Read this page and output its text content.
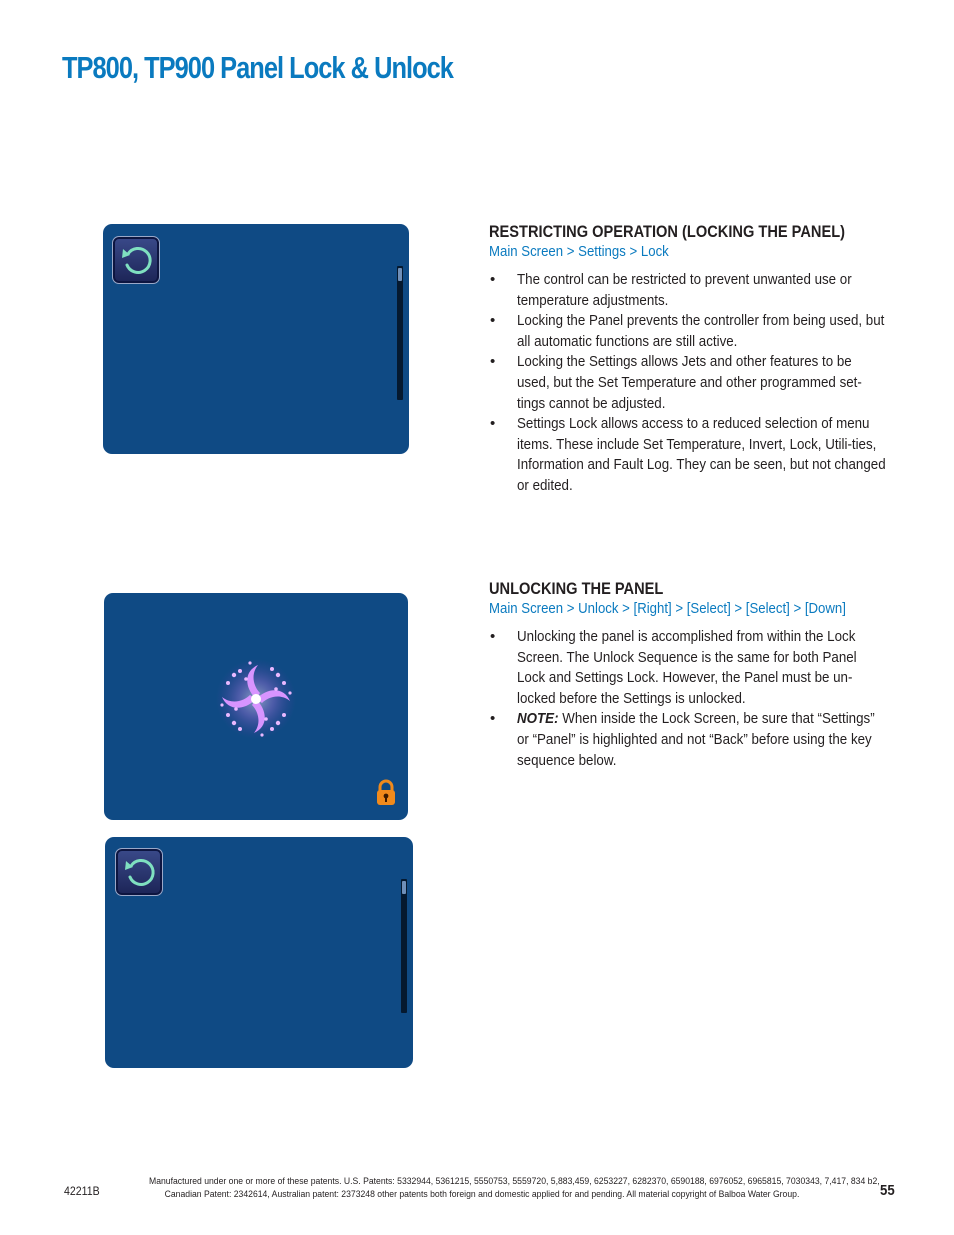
TP800, TP900 Panel Lock & Unlock

RESTRICTING OPERATION (LOCKING THE PANEL)

Main Screen > Settings > Lock

• The control can be restricted to prevent unwanted use or temperature adjustments.
• Locking the Panel prevents the controller from being used, but all automatic functions are still active.
• Locking the Settings allows Jets and other features to be used, but the Set Temperature and other programmed set-tings cannot be adjusted.
• Settings Lock allows access to a reduced selection of menu items. These include Set Temperature, Invert, Lock, Utili-ties, Information and Fault Log. They can be seen, but not changed or edited.

UNLOCKING THE PANEL

Main Screen > Unlock > [Right] > [Select] > [Select] > [Down]

• Unlocking the panel is accomplished from within the Lock Screen. The Unlock Sequence is the same for both Panel Lock and Settings Lock. However, the Panel must be un-locked before the Settings is unlocked.
• NOTE: When inside the Lock Screen, be sure that “Settings” or “Panel” is highlighted and not “Back” before using the key sequence below.
42211B
Manufactured under one or more of these patents. U.S. Patents: 5332944, 5361215, 5550753, 5559720, 5,883,459, 6253227, 6282370, 6590188, 6976052, 6965815, 7030343, 7,417, 834 b2,
Canadian Patent: 2342614, Australian patent: 2373248 other patents both foreign and domestic applied for and pending. All material copyright of Balboa Water Group.	55
